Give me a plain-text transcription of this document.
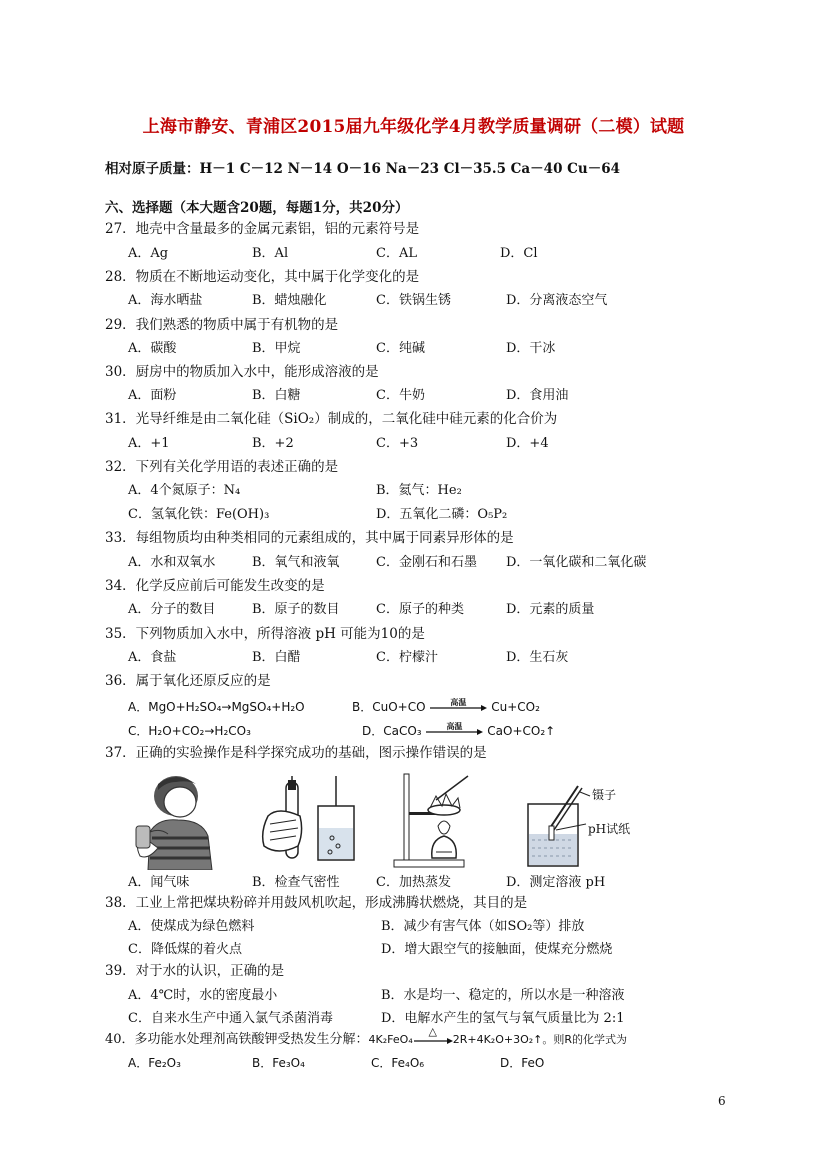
上海市静安、青浦区2015届九年级化学4月教学质量调研（二模）试题
相对原子质量：H－1 C－12 N－14 O－16 Na－23 Cl－35.5 Ca－40 Cu－64
六、选择题（本大题含20题，每题1分，共20分）
27．地壳中含量最多的金属元素铝，铝的元素符号是
A．Ag	B．Al	C．AL	D．Cl
28．物质在不断地运动变化，其中属于化学变化的是
A．海水晒盐	B．蜡烛融化	C．铁锅生锈	D．分离液态空气
29．我们熟悉的物质中属于有机物的是
A．碳酸	B．甲烷	C．纯碱	D．干冰
30．厨房中的物质加入水中，能形成溶液的是
A．面粉	B．白糖	C．牛奶	D．食用油
31．光导纤维是由二氧化硅（SiO₂）制成的，二氧化硅中硅元素的化合价为
A．+1	B．+2	C．+3	D．+4
32．下列有关化学用语的表述正确的是
A．4个氮原子：N₄	B．氦气：He₂
C．氢氧化铁：Fe(OH)₃	D．五氧化二磷：O₅P₂
33．每组物质均由种类相同的元素组成的，其中属于同素异形体的是
A．水和双氧水	B．氧气和液氧	C．金刚石和石墨 D．一氧化碳和二氧化碳
34．化学反应前后可能发生改变的是
A．分子的数目	B．原子的数目	C．原子的种类	D．元素的质量
35．下列物质加入水中，所得溶液 pH 可能为10的是
A．食盐	B．白醋	C．柠檬汁	D．生石灰
36．属于氧化还原反应的是
A．MgO+H₂SO₄→MgSO₄+H₂O	B．CuO+CO	高温	Cu+CO₂
C．H₂O+CO₂→H₂CO₃	D．CaCO₃	高温	CaO+CO₂↑
37．正确的实验操作是科学探究成功的基础，图示操作错误的是
镊子
pH试纸
A．闻气味	B．检查气密性	C．加热蒸发	D．测定溶液 pH
38．工业上常把煤块粉碎并用鼓风机吹起，形成沸腾状燃烧，其目的是
A．使煤成为绿色燃料	B．减少有害气体（如SO₂等）排放
C．降低煤的着火点	D．增大跟空气的接触面，使煤充分燃烧
39．对于水的认识，正确的是
A．4℃时，水的密度最小	B．水是均一、稳定的，所以水是一种溶液
C．自来水生产中通入氯气杀菌消毒	D．电解水产生的氢气与氧气质量比为 2:1
40．多功能水处理剂高铁酸钾受热发生分解：4K₂FeO₄
△
2R+4K₂O+3O₂↑。则R的化学式为
A．Fe₂O₃	B．Fe₃O₄	C．Fe₄O₆	D．FeO
6
